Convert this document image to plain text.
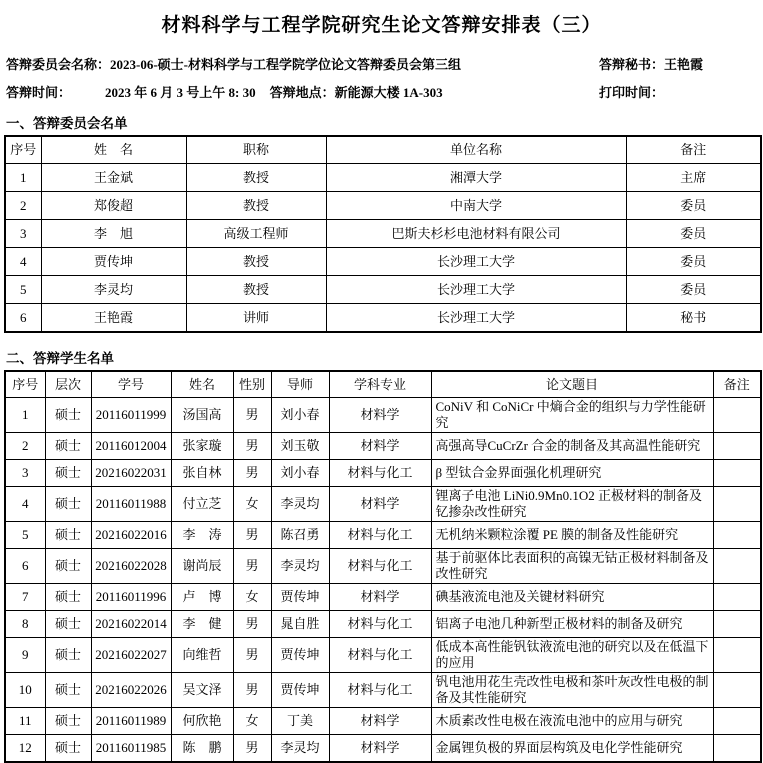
材料科学与工程学院研究生论文答辩安排表（三）
答辩委员会名称：2023-06-硕士-材料科学与工程学院学位论文答辩委员会第三组	答辩秘书：王艳霞
答辩时间：	2023 年 6 月 3 号上午 8: 30 答辩地点：新能源大楼 1A-303	打印时间：
一、答辩委员会名单
序号	姓　名	职称	单位名称	备注
1	王金斌	教授	湘潭大学	主席
2	郑俊超	教授	中南大学	委员
3	李　旭	高级工程师	巴斯夫杉杉电池材料有限公司	委员
4	贾传坤	教授	长沙理工大学	委员
5	李灵均	教授	长沙理工大学	委员
6	王艳霞	讲师	长沙理工大学	秘书
二、答辩学生名单
序号	层次	学号	姓名	性别	导师	学科专业	论文题目	备注
1	硕士	20116011999	汤国高	男	刘小春	材料学	CoNiV 和 CoNiCr 中熵合金的组织与力学性能研究	
2	硕士	20116012004	张家璇	男	刘玉敬	材料学	高强高导CuCrZr 合金的制备及其高温性能研究	
3	硕士	20216022031	张自林	男	刘小春	材料与化工	β 型钛合金界面强化机理研究	
4	硕士	20116011988	付立芝	女	李灵均	材料学	锂离子电池 LiNi0.9Mn0.1O2 正极材料的制备及钇掺杂改性研究	
5	硕士	20216022016	李　涛	男	陈召勇	材料与化工	无机纳米颗粒涂覆 PE 膜的制备及性能研究	
6	硕士	20216022028	谢尚辰	男	李灵均	材料与化工	基于前驱体比表面积的高镍无钴正极材料制备及改性研究	
7	硕士	20116011996	卢　博	女	贾传坤	材料学	碘基液流电池及关键材料研究	
8	硕士	20216022014	李　健	男	晁自胜	材料与化工	铝离子电池几种新型正极材料的制备及研究	
9	硕士	20216022027	向维哲	男	贾传坤	材料与化工	低成本高性能钒钛液流电池的研究以及在低温下的应用	
10	硕士	20216022026	吴文泽	男	贾传坤	材料与化工	钒电池用花生壳改性电极和茶叶灰改性电极的制备及其性能研究	
11	硕士	20116011989	何欣艳	女	丁美	材料学	木质素改性电极在液流电池中的应用与研究	
12	硕士	20116011985	陈　鹏	男	李灵均	材料学	金属锂负极的界面层构筑及电化学性能研究	
